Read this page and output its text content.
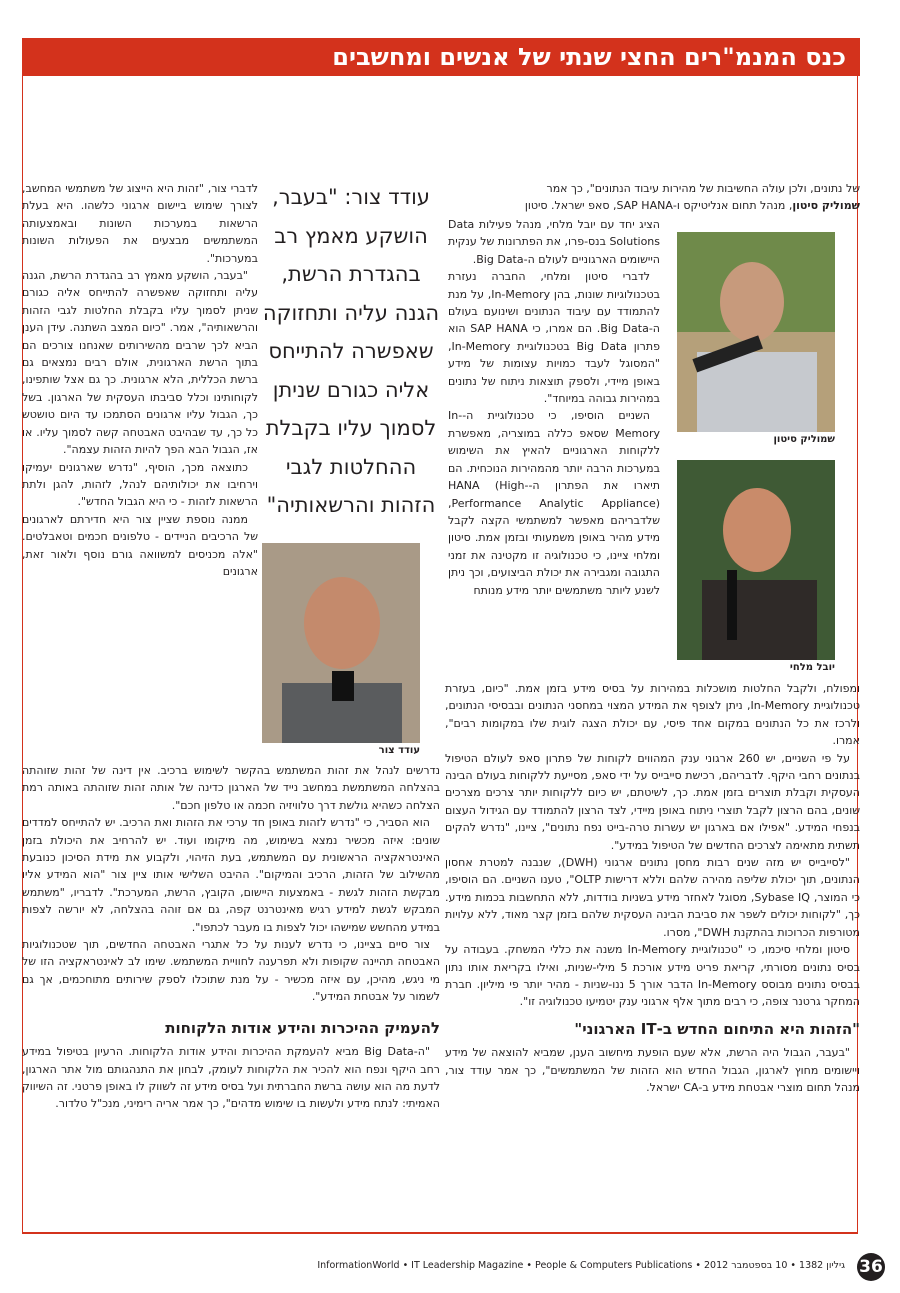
כנס המנמ"רים החצי שנתי של אנשים ומחשבים

של נתונים, ולכן עולה החשיבות של מהירות עיבוד הנתונים", כך אמר
שמוליק סיטון, מנהל תחום אנליטיקס ו-SAP HANA, סאפ ישראל. סיטון

הציג יחד עם יובל מלחי, מנהל פעילות Data Solutions בנס-פרו, את הפתרונות של ענקית היישומים הארגוניים לעולם ה-Big Data.

לדברי סיטון ומלחי, החברה נעזרת בטכנולוגיות שונות, בהן In-Memory, על מנת להתמודד עם עיבוד הנתונים ושינועם בעולם ה-Big Data. הם אמרו, כי SAP HANA הוא פתרון Big Data בטכנולוגיית In-Memory, "המסוגל לעבד כמויות עצומות של מידע באופן מיידי, ולספק תוצאות ניתוח של נתונים במהירות גבוהה במיוחד".

השניים הוסיפו, כי טכנולוגיית ה-In-Memory שסאפ כללה במוצריה, מאפשרת ללקוחות הארגוניים להאיץ את השימוש במערכות הרבה יותר מהמהירות הנוכחית. הם תיארו את הפתרון ה-HANA (High-Performance Analytic Appliance), שלדבריהם מאפשר למשתמשי הקצה לקבל מידע מהיר באופן משמעותי ובזמן אמת. סיטון ומלחי ציינו, כי טכנולוגיה זו מקטינה את זמני התגובה ומגבירה את יכולת הביצועים, וכך ניתן לשנע ליותר משתמשים יותר מידע מנותח

שמוליק סיטון
יובל מלחי

ומפולח, ולקבל החלטות מושכלות במהירות על בסיס מידע בזמן אמת. "כיום, בעזרת טכנולוגיית In-Memory, ניתן לצופף את המידע המצוי במחסני הנתונים ובבסיסי הנתונים, ולרכז את כל הנתונים במקום אחד פיסי, עם יכולת הצגה לוגית שלו במקומות רבים", אמרו.

על פי השניים, יש 260 ארגוני ענק המהווים לקוחות של פתרון סאפ לעולם הטיפול בנתונים רחבי היקף. לדבריהם, רכישת סייבייס על ידי סאפ, מסייעת ללקוחות בעולם הבינה העסקית וקבלת תוצרים בזמן אמת. כך, לשיטתם, יש כיום ללקוחות יותר צרכים מצרכים שונים, בהם הרצון לקבל תוצרי ניתוח באופן מיידי, לצד הרצון להתמודד עם הגידול העצום בנפחי המידע. "אפילו אם בארגון יש עשרות טרה-בייט נפח נתונים", ציינו, "נדרש להקים תשתית מתאימה לצרכים החדשים של הטיפול במידע".

"לסייבייס יש מזה שנים רבות מחסן נתונים ארגוני (DWH), שנבנה למטרת אחסון הנתונים, תוך יכולת שליפה מהירה שלהם וללא דרישות OLTP", טענו השניים. הם הוסיפו, כי המוצר, Sybase IQ, מסוגל לאחזר מידע בשניות בודדות, ללא התחשבות בכמות מידע. כך, "לקוחות יכולים לשפר את סביבת הבינה העסקית שלהם בזמן קצר מאוד, ללא עלויות מטורפות הכרוכות בהתקנת DWH", מסרו.

סיטון ומלחי סיכמו, כי "טכנולוגיית In-Memory משנה את כללי המשחק. בעבודה על בסיס נתונים מסורתי, קריאת פריט מידע אורכת 5 מילי-שניות, ואילו בקריאת אותו נתון בבסיס נתונים מבוסס In-Memory הדבר אורך 5 ננו-שניות - מהיר יותר פי מיליון. חברת המחקר גרטנר צופה, כי רבים מתוך אלף ארגוני ענק יטמיעו טכנולוגיה זו".

"הזהות היא התיחום החדש ב-IT הארגוני"

"בעבר, הגבול היה הרשת, אלא שעם הופעת מיחשוב הענן, שמביא להוצאה של מידע ויישומים מחוץ לארגון, הגבול החדש הוא הזהות של המשתמשים", כך אמר עודד צור, מנהל תחום מוצרי אבטחת מידע ב-CA ישראל.

עודד צור: "בעבר,
הושקע מאמץ רב
בהגדרת הרשת,
הגנה עליה ותחזוקה
שאפשרה להתייחס
אליה כגורם שניתן
לסמוך עליו בקבלת
ההחלטות לגבי
הזהות והרשאותיה"
עודד צור

לדברי צור, "זהות היא הייצוג של משתמשי המחשב, לצורך שימוש ביישום ארגוני כלשהו. היא בעלת הרשאות במערכות השונות ובאמצעותה המשתמשים מבצעים את הפעולות השונות במערכות".

"בעבר, הושקע מאמץ רב בהגדרת הרשת, הגנה עליה ותחזוקה שאפשרה להתייחס אליה כגורם שניתן לסמוך עליו בקבלת החלטות לגבי הזהות והרשאותיה", אמר. "כיום המצב השתנה. עידן הענן הביא לכך שרבים מהשירותים שאנחנו צורכים הם בתוך הרשת הארגונית, אולם רבים נמצאים גם ברשת הכללית, הלא ארגונית. כך גם אצל שותפינו, לקוחותינו וכלל סביבתו העסקית של הארגון. בשל כך, הגבול עליו ארגונים הסתמכו עד היום טושטש כל כך, עד שבהיבט האבטחה קשה לסמוך עליו. או אז, הגבול הבא הפך להיות הזהות עצמה".

כתוצאה מכך, הוסיף, "נדרש שארגונים יעמיקו וירחיבו את יכולותיהם לנהל, לזהות, להגן ולתת הרשאות לזהות - כי היא הגבול החדש".

ממנה נוספת שציין צור היא חדירתם לארגונים של הרכיבים הניידים - טלפונים חכמים וטאבלטים. "אלה מכניסים למשוואה גורם נוסף ולאור זאת, ארגונים

נדרשים לנהל את זהות המשתמש בהקשר לשימוש ברכיב. אין דינה של זהות שזוהתה בהצלחה המשתמשת במחשב נייד של הארגון כדינה של אותה זהות שזוהתה באותה רמת הצלחה כשהיא גולשת דרך טלוויזיה חכמה או טלפון חכם".

הוא הסביר, כי "נדרש לזהות באופן חד ערכי את הזהות ואת הרכיב. יש להתייחס למדדים שונים: איזה מכשיר נמצא בשימוש, מה מיקומו ועוד. יש להרחיב את היכולת בזמן האינטראקציה הראשונית עם המשתמש, בעת הזיהוי, ולקבוע את מידת הסיכון כנובעת מהשילוב של הזהות, הרכיב והמיקום". ההיבט השלישי אותו ציין צור "הוא המידע אליו מבקשת הזהות לגשת - באמצעות היישום, הקובץ, הרשת, המערכת". לדבריו, "משתמש המבקש לגשת למידע רגיש מאינטרנט קפה, גם אם זוהה בהצלחה, לא יורשה לצפות במידע מהחשש שמישהו יכול לצפות בו מעבר לכתפו".

צור סיים בציינו, כי נדרש לענות על כל אתגרי האבטחה החדשים, תוך שטכנולוגיות האבטחה תהיינה שקופות ולא תפרענה לחוויית המשתמש. שימו לב לאינטראקציה הזו של מי ניגש, מהיכן, עם איזה מכשיר - על מנת שתוכלו לספק שירותים מתוחכמים, אך גם לשמור על אבטחת המידע".

להעמיק ההיכרות והידע אודות הלקוחות

"ה-Big Data מביא להעמקת ההיכרות והידע אודות הלקוחות. הרעיון בטיפול במידע רחב היקף ונפח הוא להכיר את הלקוחות לעומק, לבחון את התנהגותם מול אתר הארגון, לדעת מה הוא עושה ברשת החברתית ועל בסיס מידע זה לשווק לו באופן פרטני. זה השיווק האמיתי: לנתח מידע ולעשות בו שימוש מדהים", כך אמר אריה רימיני, מנכ"ל טלדור.

גיליון 1382 • 10 בספטמבר 2012 • InformationWorld • IT Leadership Magazine • People & Computers Publications 36
